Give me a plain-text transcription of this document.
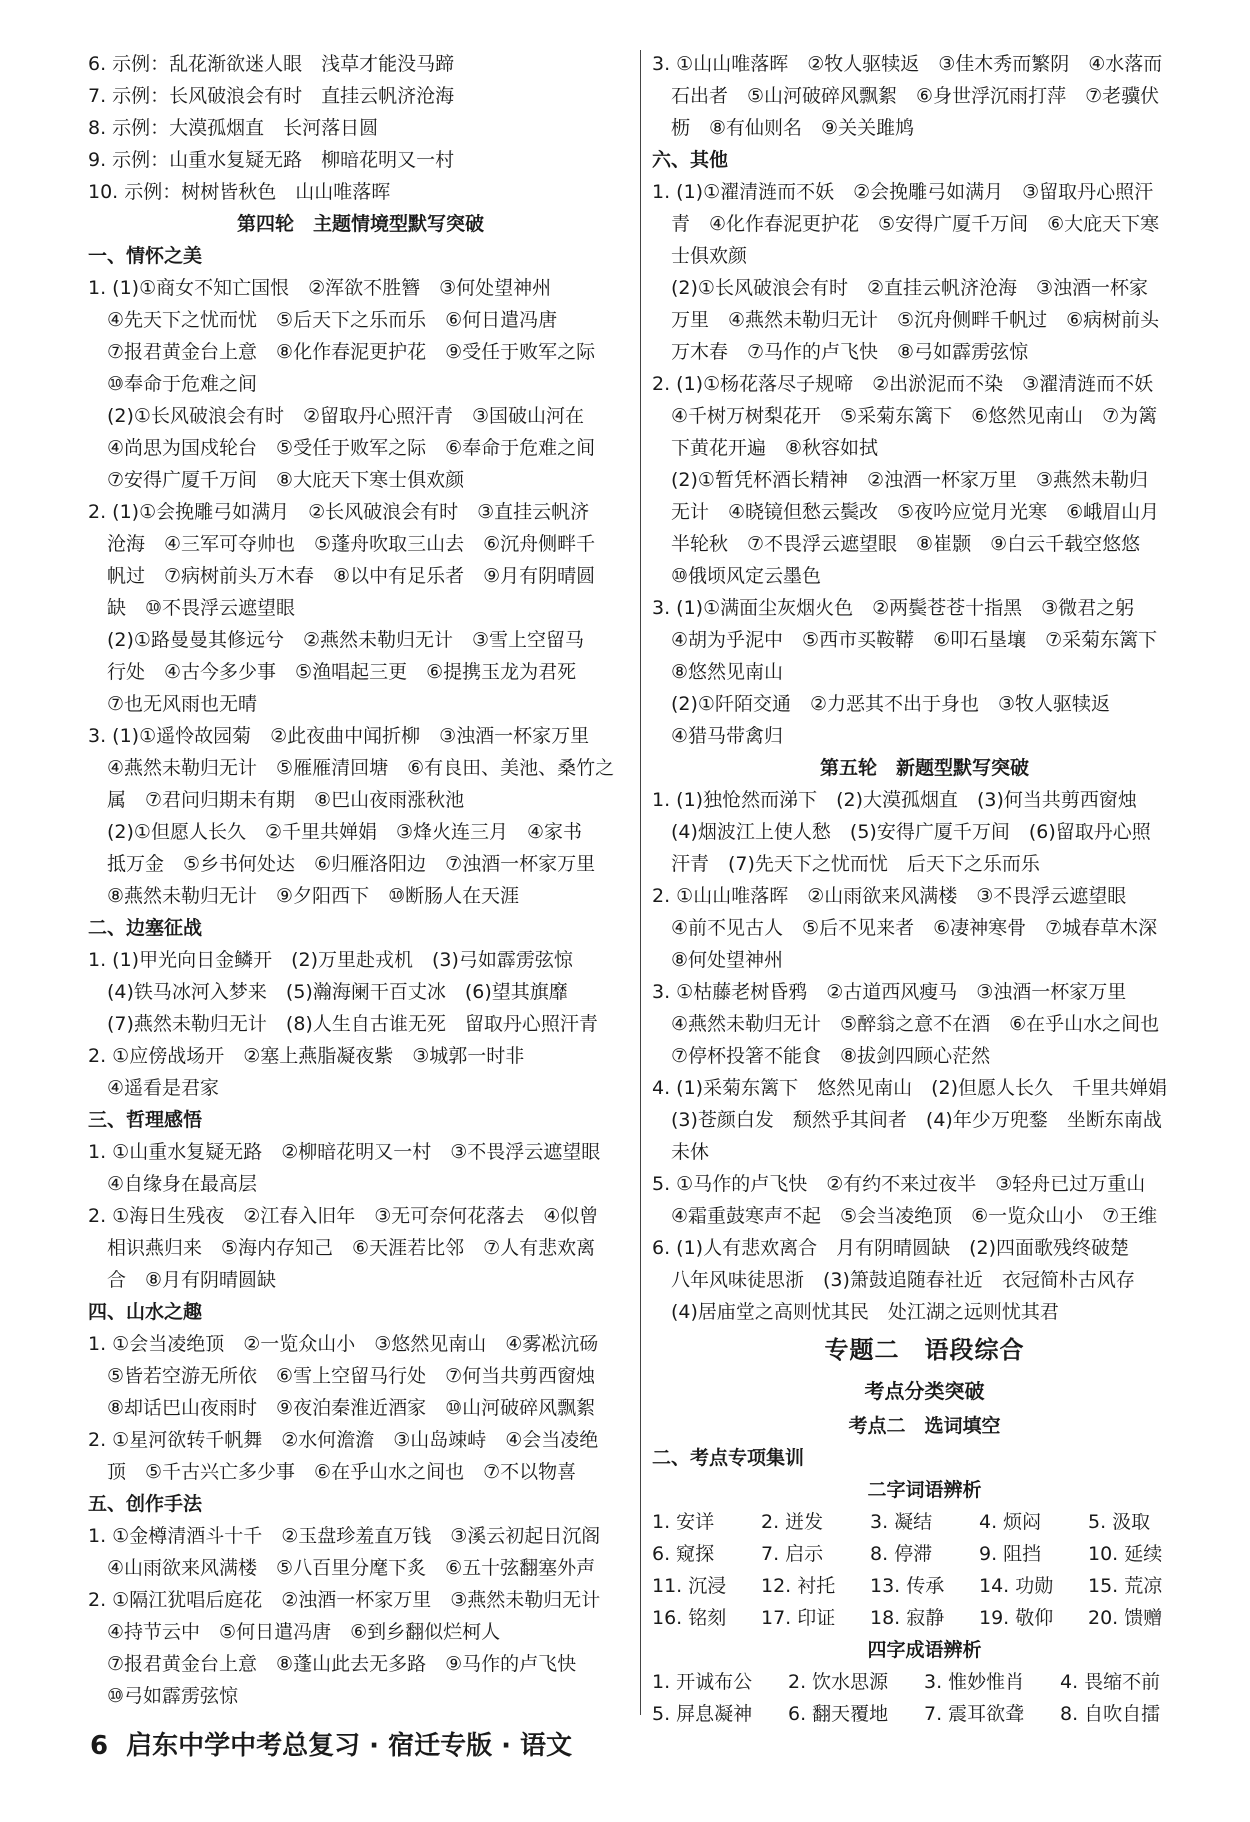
6. 示例：乱花渐欲迷人眼　浅草才能没马蹄
7. 示例：长风破浪会有时　直挂云帆济沧海
8. 示例：大漠孤烟直　长河落日圆
9. 示例：山重水复疑无路　柳暗花明又一村
10. 示例：树树皆秋色　山山唯落晖
第四轮　主题情境型默写突破
一、情怀之美
1. (1)①商女不知亡国恨　②浑欲不胜簪　③何处望神州
　④先天下之忧而忧　⑤后天下之乐而乐　⑥何日遣冯唐
　⑦报君黄金台上意　⑧化作春泥更护花　⑨受任于败军之际
　⑩奉命于危难之间
　(2)①长风破浪会有时　②留取丹心照汗青　③国破山河在
　④尚思为国戍轮台　⑤受任于败军之际　⑥奉命于危难之间
　⑦安得广厦千万间　⑧大庇天下寒士俱欢颜
2. (1)①会挽雕弓如满月　②长风破浪会有时　③直挂云帆济
　沧海　④三军可夺帅也　⑤蓬舟吹取三山去　⑥沉舟侧畔千
　帆过　⑦病树前头万木春　⑧以中有足乐者　⑨月有阴晴圆
　缺　⑩不畏浮云遮望眼
　(2)①路曼曼其修远兮　②燕然未勒归无计　③雪上空留马
　行处　④古今多少事　⑤渔唱起三更　⑥提携玉龙为君死
　⑦也无风雨也无晴
3. (1)①遥怜故园菊　②此夜曲中闻折柳　③浊酒一杯家万里
　④燕然未勒归无计　⑤雁雁清回塘　⑥有良田、美池、桑竹之
　属　⑦君问归期未有期　⑧巴山夜雨涨秋池
　(2)①但愿人长久　②千里共婵娟　③烽火连三月　④家书
　抵万金　⑤乡书何处达　⑥归雁洛阳边　⑦浊酒一杯家万里
　⑧燕然未勒归无计　⑨夕阳西下　⑩断肠人在天涯
二、边塞征战
1. (1)甲光向日金鳞开　(2)万里赴戎机　(3)弓如霹雳弦惊
　(4)铁马冰河入梦来　(5)瀚海阑干百丈冰　(6)望其旗靡
　(7)燕然未勒归无计　(8)人生自古谁无死　留取丹心照汗青
2. ①应傍战场开　②塞上燕脂凝夜紫　③城郭一时非
　④遥看是君家
三、哲理感悟
1. ①山重水复疑无路　②柳暗花明又一村　③不畏浮云遮望眼
　④自缘身在最高层
2. ①海日生残夜　②江春入旧年　③无可奈何花落去　④似曾
　相识燕归来　⑤海内存知己　⑥天涯若比邻　⑦人有悲欢离
　合　⑧月有阴晴圆缺
四、山水之趣
1. ①会当凌绝顶　②一览众山小　③悠然见南山　④雾凇沆砀
　⑤皆若空游无所依　⑥雪上空留马行处　⑦何当共剪西窗烛
　⑧却话巴山夜雨时　⑨夜泊秦淮近酒家　⑩山河破碎风飘絮
2. ①星河欲转千帆舞　②水何澹澹　③山岛竦峙　④会当凌绝
　顶　⑤千古兴亡多少事　⑥在乎山水之间也　⑦不以物喜
五、创作手法
1. ①金樽清酒斗十千　②玉盘珍羞直万钱　③溪云初起日沉阁
　④山雨欲来风满楼　⑤八百里分麾下炙　⑥五十弦翻塞外声
2. ①隔江犹唱后庭花　②浊酒一杯家万里　③燕然未勒归无计
　④持节云中　⑤何日遣冯唐　⑥到乡翻似烂柯人
　⑦报君黄金台上意　⑧蓬山此去无多路　⑨马作的卢飞快
　⑩弓如霹雳弦惊
3. ①山山唯落晖　②牧人驱犊返　③佳木秀而繁阴　④水落而
　石出者　⑤山河破碎风飘絮　⑥身世浮沉雨打萍　⑦老骥伏
　枥　⑧有仙则名　⑨关关雎鸠
六、其他
1. (1)①濯清涟而不妖　②会挽雕弓如满月　③留取丹心照汗
　青　④化作春泥更护花　⑤安得广厦千万间　⑥大庇天下寒
　士俱欢颜
　(2)①长风破浪会有时　②直挂云帆济沧海　③浊酒一杯家
　万里　④燕然未勒归无计　⑤沉舟侧畔千帆过　⑥病树前头
　万木春　⑦马作的卢飞快　⑧弓如霹雳弦惊
2. (1)①杨花落尽子规啼　②出淤泥而不染　③濯清涟而不妖
　④千树万树梨花开　⑤采菊东篱下　⑥悠然见南山　⑦为篱
　下黄花开遍　⑧秋容如拭
　(2)①暂凭杯酒长精神　②浊酒一杯家万里　③燕然未勒归
　无计　④晓镜但愁云鬓改　⑤夜吟应觉月光寒　⑥峨眉山月
　半轮秋　⑦不畏浮云遮望眼　⑧崔颢　⑨白云千载空悠悠
　⑩俄顷风定云墨色
3. (1)①满面尘灰烟火色　②两鬓苍苍十指黑　③微君之躬
　④胡为乎泥中　⑤西市买鞍鞯　⑥叩石垦壤　⑦采菊东篱下
　⑧悠然见南山
　(2)①阡陌交通　②力恶其不出于身也　③牧人驱犊返
　④猎马带禽归
第五轮　新题型默写突破
1. (1)独怆然而涕下　(2)大漠孤烟直　(3)何当共剪西窗烛
　(4)烟波江上使人愁　(5)安得广厦千万间　(6)留取丹心照
　汗青　(7)先天下之忧而忧　后天下之乐而乐
2. ①山山唯落晖　②山雨欲来风满楼　③不畏浮云遮望眼
　④前不见古人　⑤后不见来者　⑥凄神寒骨　⑦城春草木深
　⑧何处望神州
3. ①枯藤老树昏鸦　②古道西风瘦马　③浊酒一杯家万里
　④燕然未勒归无计　⑤醉翁之意不在酒　⑥在乎山水之间也
　⑦停杯投箸不能食　⑧拔剑四顾心茫然
4. (1)采菊东篱下　悠然见南山　(2)但愿人长久　千里共婵娟
　(3)苍颜白发　颓然乎其间者　(4)年少万兜鍪　坐断东南战
　未休
5. ①马作的卢飞快　②有约不来过夜半　③轻舟已过万重山
　④霜重鼓寒声不起　⑤会当凌绝顶　⑥一览众山小　⑦王维
6. (1)人有悲欢离合　月有阴晴圆缺　(2)四面歌残终破楚
　八年风味徒思浙　(3)箫鼓追随春社近　衣冠简朴古风存
　(4)居庙堂之高则忧其民　处江湖之远则忧其君
专题二　语段综合
考点分类突破
考点二　选词填空
二、考点专项集训
二字词语辨析
1. 安详	2. 迸发	3. 凝结	4. 烦闷	5. 汲取
6. 窥探	7. 启示	8. 停滞	9. 阻挡	10. 延续
11. 沉浸	12. 衬托	13. 传承	14. 功勋	15. 荒凉
16. 铭刻	17. 印证	18. 寂静	19. 敬仰	20. 馈赠
四字成语辨析
1. 开诚布公	2. 饮水思源	3. 惟妙惟肖	4. 畏缩不前
5. 屏息凝神	6. 翻天覆地	7. 震耳欲聋	8. 自吹自擂
6 启东中学中考总复习 · 宿迁专版 · 语文
